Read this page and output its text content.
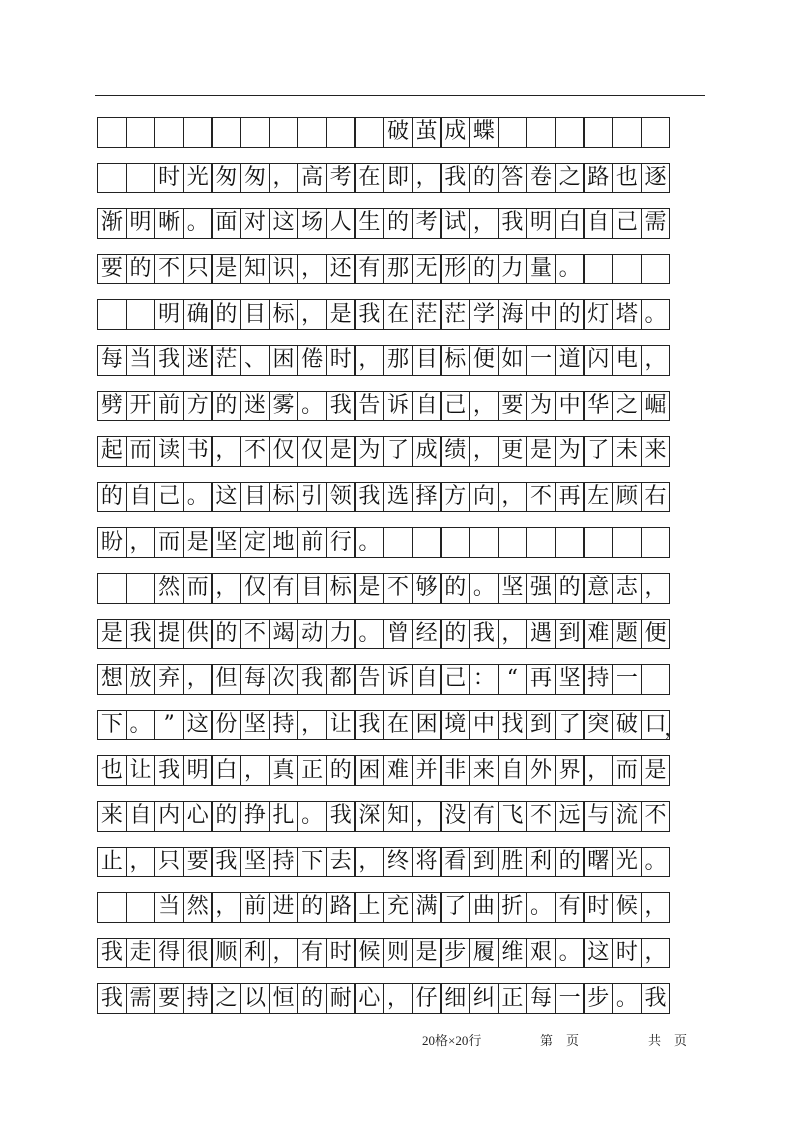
破 茧 成 蝶
时 光 匆 匆 ， 高 考 在 即 ， 我 的 答 卷 之 路 也 逐
渐 明 晰 。 面 对 这 场 人 生 的 考 试 ， 我 明 白 自 己 需
要 的 不 只 是 知 识 ， 还 有 那 无 形 的 力 量 。
明 确 的 目 标 ， 是 我 在 茫 茫 学 海 中 的 灯 塔 。
每 当 我 迷 茫 、 困 倦 时 ， 那 目 标 便 如 一 道 闪 电 ，
劈 开 前 方 的 迷 雾 。 我 告 诉 自 己 ， 要 为 中 华 之 崛
起 而 读 书 ， 不 仅 仅 是 为 了 成 绩 ， 更 是 为 了 未 来
的 自 己 。 这 目 标 引 领 我 选 择 方 向 ， 不 再 左 顾 右
盼 ， 而 是 坚 定 地 前 行 。
然 而 ， 仅 有 目 标 是 不 够 的 。 坚 强 的 意 志 ，
是 我 提 供 的 不 竭 动 力 。 曾 经 的 我 ， 遇 到 难 题 便
想 放 弃 ， 但 每 次 我 都 告 诉 自 己 ： “ 再 坚 持 一
下 。 ” 这 份 坚 持 ， 让 我 在 困 境 中 找 到 了 突 破 口
，
也 让 我 明 白 ， 真 正 的 困 难 并 非 来 自 外 界 ， 而 是
来 自 内 心 的 挣 扎 。 我 深 知 ， 没 有 飞 不 远 与 流 不
止 ， 只 要 我 坚 持 下 去 ， 终 将 看 到 胜 利 的 曙 光 。
当 然 ， 前 进 的 路 上 充 满 了 曲 折 。 有 时 候 ，
我 走 得 很 顺 利 ， 有 时 候 则 是 步 履 维 艰 。 这 时 ，
我 需 要 持 之 以 恒 的 耐 心 ， 仔 细 纠 正 每 一 步 。 我
20格×20行	第　页	共　页
